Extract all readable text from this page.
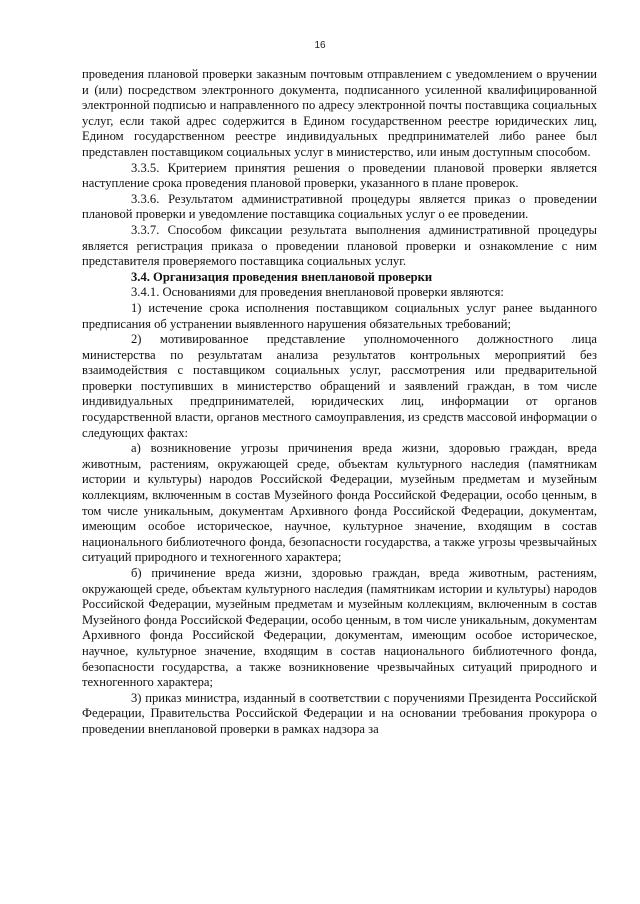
16

проведения плановой проверки заказным почтовым отправлением с уведомлением о вручении и (или) посредством электронного документа, подписанного усиленной квалифицированной электронной подписью и направленного по адресу электронной почты поставщика социальных услуг, если такой адрес содержится в Едином государственном реестре юридических лиц, Едином государственном реестре индивидуальных предпринимателей либо ранее был представлен поставщиком социальных услуг в министерство, или иным доступным способом.

3.3.5. Критерием принятия решения о проведении плановой проверки является наступление срока проведения плановой проверки, указанного в плане проверок.

3.3.6. Результатом административной процедуры является приказ о проведении плановой проверки и уведомление поставщика социальных услуг о ее проведении.

3.3.7. Способом фиксации результата выполнения административной процедуры является регистрация приказа о проведении плановой проверки и ознакомление с ним представителя проверяемого поставщика социальных услуг.

3.4. Организация проведения внеплановой проверки

3.4.1. Основаниями для проведения внеплановой проверки являются:

1) истечение срока исполнения поставщиком социальных услуг ранее выданного предписания об устранении выявленного нарушения обязательных требований;

2) мотивированное представление уполномоченного должностного лица министерства по результатам анализа результатов контрольных мероприятий без взаимодействия с поставщиком социальных услуг, рассмотрения или предварительной проверки поступивших в министерство обращений и заявлений граждан, в том числе индивидуальных предпринимателей, юридических лиц, информации от органов государственной власти, органов местного самоуправления, из средств массовой информации о следующих фактах:

а) возникновение угрозы причинения вреда жизни, здоровью граждан, вреда животным, растениям, окружающей среде, объектам культурного наследия (памятникам истории и культуры) народов Российской Федерации, музейным предметам и музейным коллекциям, включенным в состав Музейного фонда Российской Федерации, особо ценным, в том числе уникальным, документам Архивного фонда Российской Федерации, документам, имеющим особое историческое, научное, культурное значение, входящим в состав национального библиотечного фонда, безопасности государства, а также угрозы чрезвычайных ситуаций природного и техногенного характера;

б) причинение вреда жизни, здоровью граждан, вреда животным, растениям, окружающей среде, объектам культурного наследия (памятникам истории и культуры) народов Российской Федерации, музейным предметам и музейным коллекциям, включенным в состав Музейного фонда Российской Федерации, особо ценным, в том числе уникальным, документам Архивного фонда Российской Федерации, документам, имеющим особое историческое, научное, культурное значение, входящим в состав национального библиотечного фонда, безопасности государства, а также возникновение чрезвычайных ситуаций природного и техногенного характера;

3) приказ министра, изданный в соответствии с поручениями Президента Российской Федерации, Правительства Российской Федерации и на основании требования прокурора о проведении внеплановой проверки в рамках надзора за
